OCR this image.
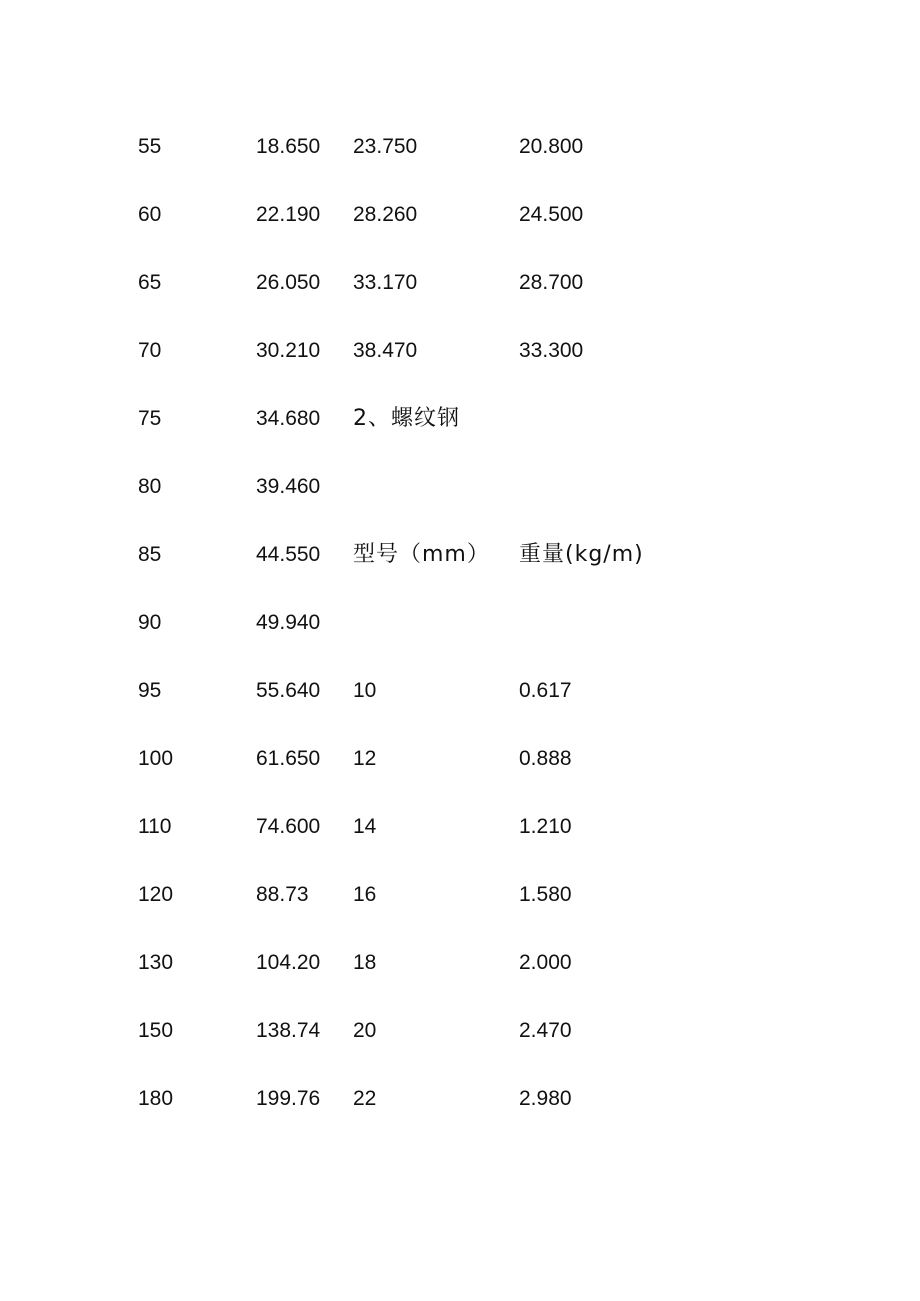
55	18.650 23.750	20.800
60	22.190 28.260	24.500
65	26.050 33.170	28.700
70	30.210 38.470	33.300
75	34.680 2、螺纹钢
80	39.460
85	44.550 型号（mm） 重量(kg/m)
90	49.940
95	55.640 10	0.617
100	61.650 12	0.888
110	74.600 14	1.210
120	88.73 16	1.580
130	104.20 18	2.000
150	138.74 20	2.470
180	199.76 22	2.980
